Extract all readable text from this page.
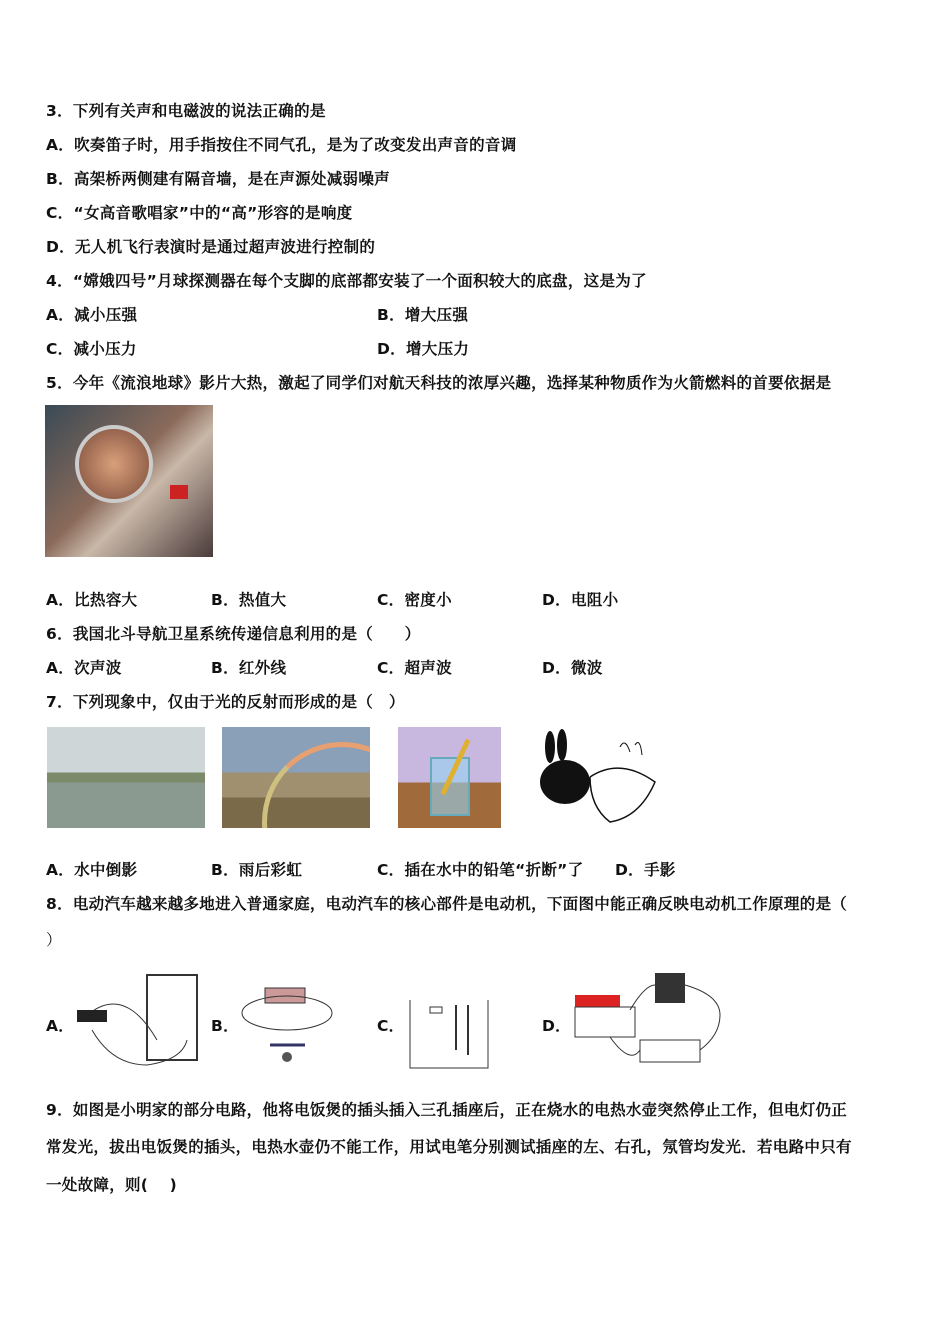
3．下列有关声和电磁波的说法正确的是
A．吹奏笛子时，用手指按住不同气孔，是为了改变发出声音的音调
B．高架桥两侧建有隔音墙，是在声源处减弱噪声
C．“女高音歌唱家”中的“高”形容的是响度
D．无人机飞行表演时是通过超声波进行控制的
4．“嫦娥四号”月球探测器在每个支脚的底部都安装了一个面积较大的底盘，这是为了
A．减小压强	B．增大压强
C．减小压力	D．增大压力
5．今年《流浪地球》影片大热，激起了同学们对航天科技的浓厚兴趣，选择某种物质作为火箭燃料的首要依据是
A．比热容大	B．热值大	C．密度小	D．电阻小
6．我国北斗导航卫星系统传递信息利用的是（　　）
A．次声波	B．红外线	C．超声波	D．微波
7．下列现象中，仅由于光的反射而形成的是（　）
A．水中倒影	B．雨后彩虹	C．插在水中的铅笔“折断”了 D．手影
8．电动汽车越来越多地进入普通家庭，电动汽车的核心部件是电动机，下面图中能正确反映电动机工作原理的是（
）
A．	B．	C．	D．
9．如图是小明家的部分电路，他将电饭煲的插头插入三孔插座后，正在烧水的电热水壶突然停止工作，但电灯仍正
常发光，拔出电饭煲的插头，电热水壶仍不能工作，用试电笔分别测试插座的左、右孔，氖管均发光．若电路中只有
一处故障，则(　 )
